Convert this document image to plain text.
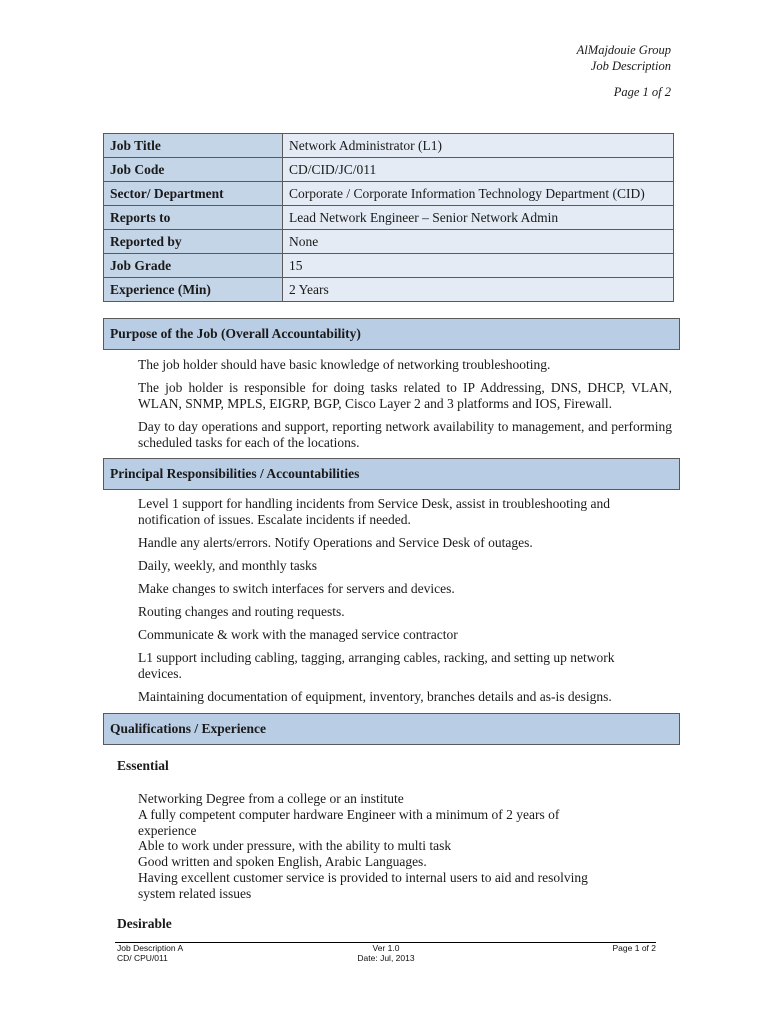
AlMajdouie Group
Job Description
Page 1 of 2
Job Title	Network Administrator (L1)
Job Code	CD/CID/JC/011
Sector/ Department	Corporate / Corporate Information Technology Department (CID)
Reports to	Lead Network Engineer – Senior Network Admin
Reported by	None
Job Grade	15
Experience (Min)	2 Years
Purpose of the Job (Overall Accountability)
The job holder should have basic knowledge of networking troubleshooting.
The job holder is responsible for doing tasks related to IP Addressing, DNS, DHCP, VLAN, WLAN, SNMP, MPLS, EIGRP, BGP, Cisco Layer 2 and 3 platforms and IOS, Firewall.
Day to day operations and support, reporting network availability to management, and performing scheduled tasks for each of the locations.
Principal Responsibilities / Accountabilities
Level 1 support for handling incidents from Service Desk, assist in troubleshooting and notification of issues. Escalate incidents if needed.
Handle any alerts/errors. Notify Operations and Service Desk of outages.
Daily, weekly, and monthly tasks
Make changes to switch interfaces for servers and devices.
Routing changes and routing requests.
Communicate & work with the managed service contractor
L1 support including cabling, tagging, arranging cables, racking, and setting up network devices.
Maintaining documentation of equipment, inventory, branches details and as-is designs.
Qualifications / Experience
Essential
Networking Degree from a college or an institute
A fully competent computer hardware Engineer with a minimum of 2 years of experience
Able to work under pressure, with the ability to multi task
Good written and spoken English, Arabic Languages.
Having excellent customer service is provided to internal users to aid and resolving system related issues
Desirable
Job Description A
CD/ CPU/011
Ver 1.0
Date: Jul, 2013
Page 1 of 2
